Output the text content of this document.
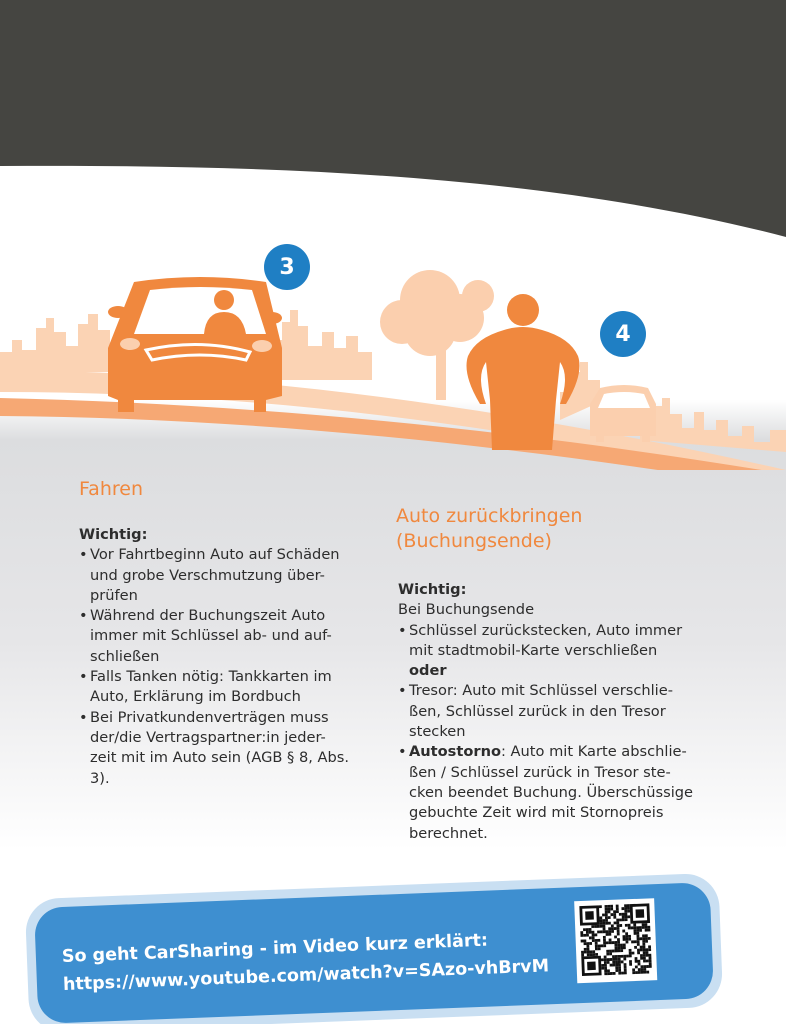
3
4
Fahren
Wichtig:
• Vor Fahrtbeginn Auto auf Schäden
und grobe Verschmutzung über-
prüfen
• Während der Buchungszeit Auto
immer mit Schlüssel ab- und auf-
schließen
• Falls Tanken nötig: Tankkarten im
Auto, Erklärung im Bordbuch
• Bei Privatkundenverträgen muss
der/die Vertragspartner:in jeder-
zeit mit im Auto sein (AGB § 8, Abs.
3).
Auto zurückbringen
(Buchungsende)
Wichtig:
Bei Buchungsende
• Schlüssel zurückstecken, Auto immer
mit stadtmobil-Karte verschließen
oder
• Tresor: Auto mit Schlüssel verschlie-
ßen, Schlüssel zurück in den Tresor
stecken
• Autostorno: Auto mit Karte abschlie-
ßen / Schlüssel zurück in Tresor ste-
cken beendet Buchung. Überschüssige
gebuchte Zeit wird mit Stornopreis
berechnet.
So geht CarSharing - im Video kurz erklärt:
https://www.youtube.com/watch?v=SAzo-vhBrvM
